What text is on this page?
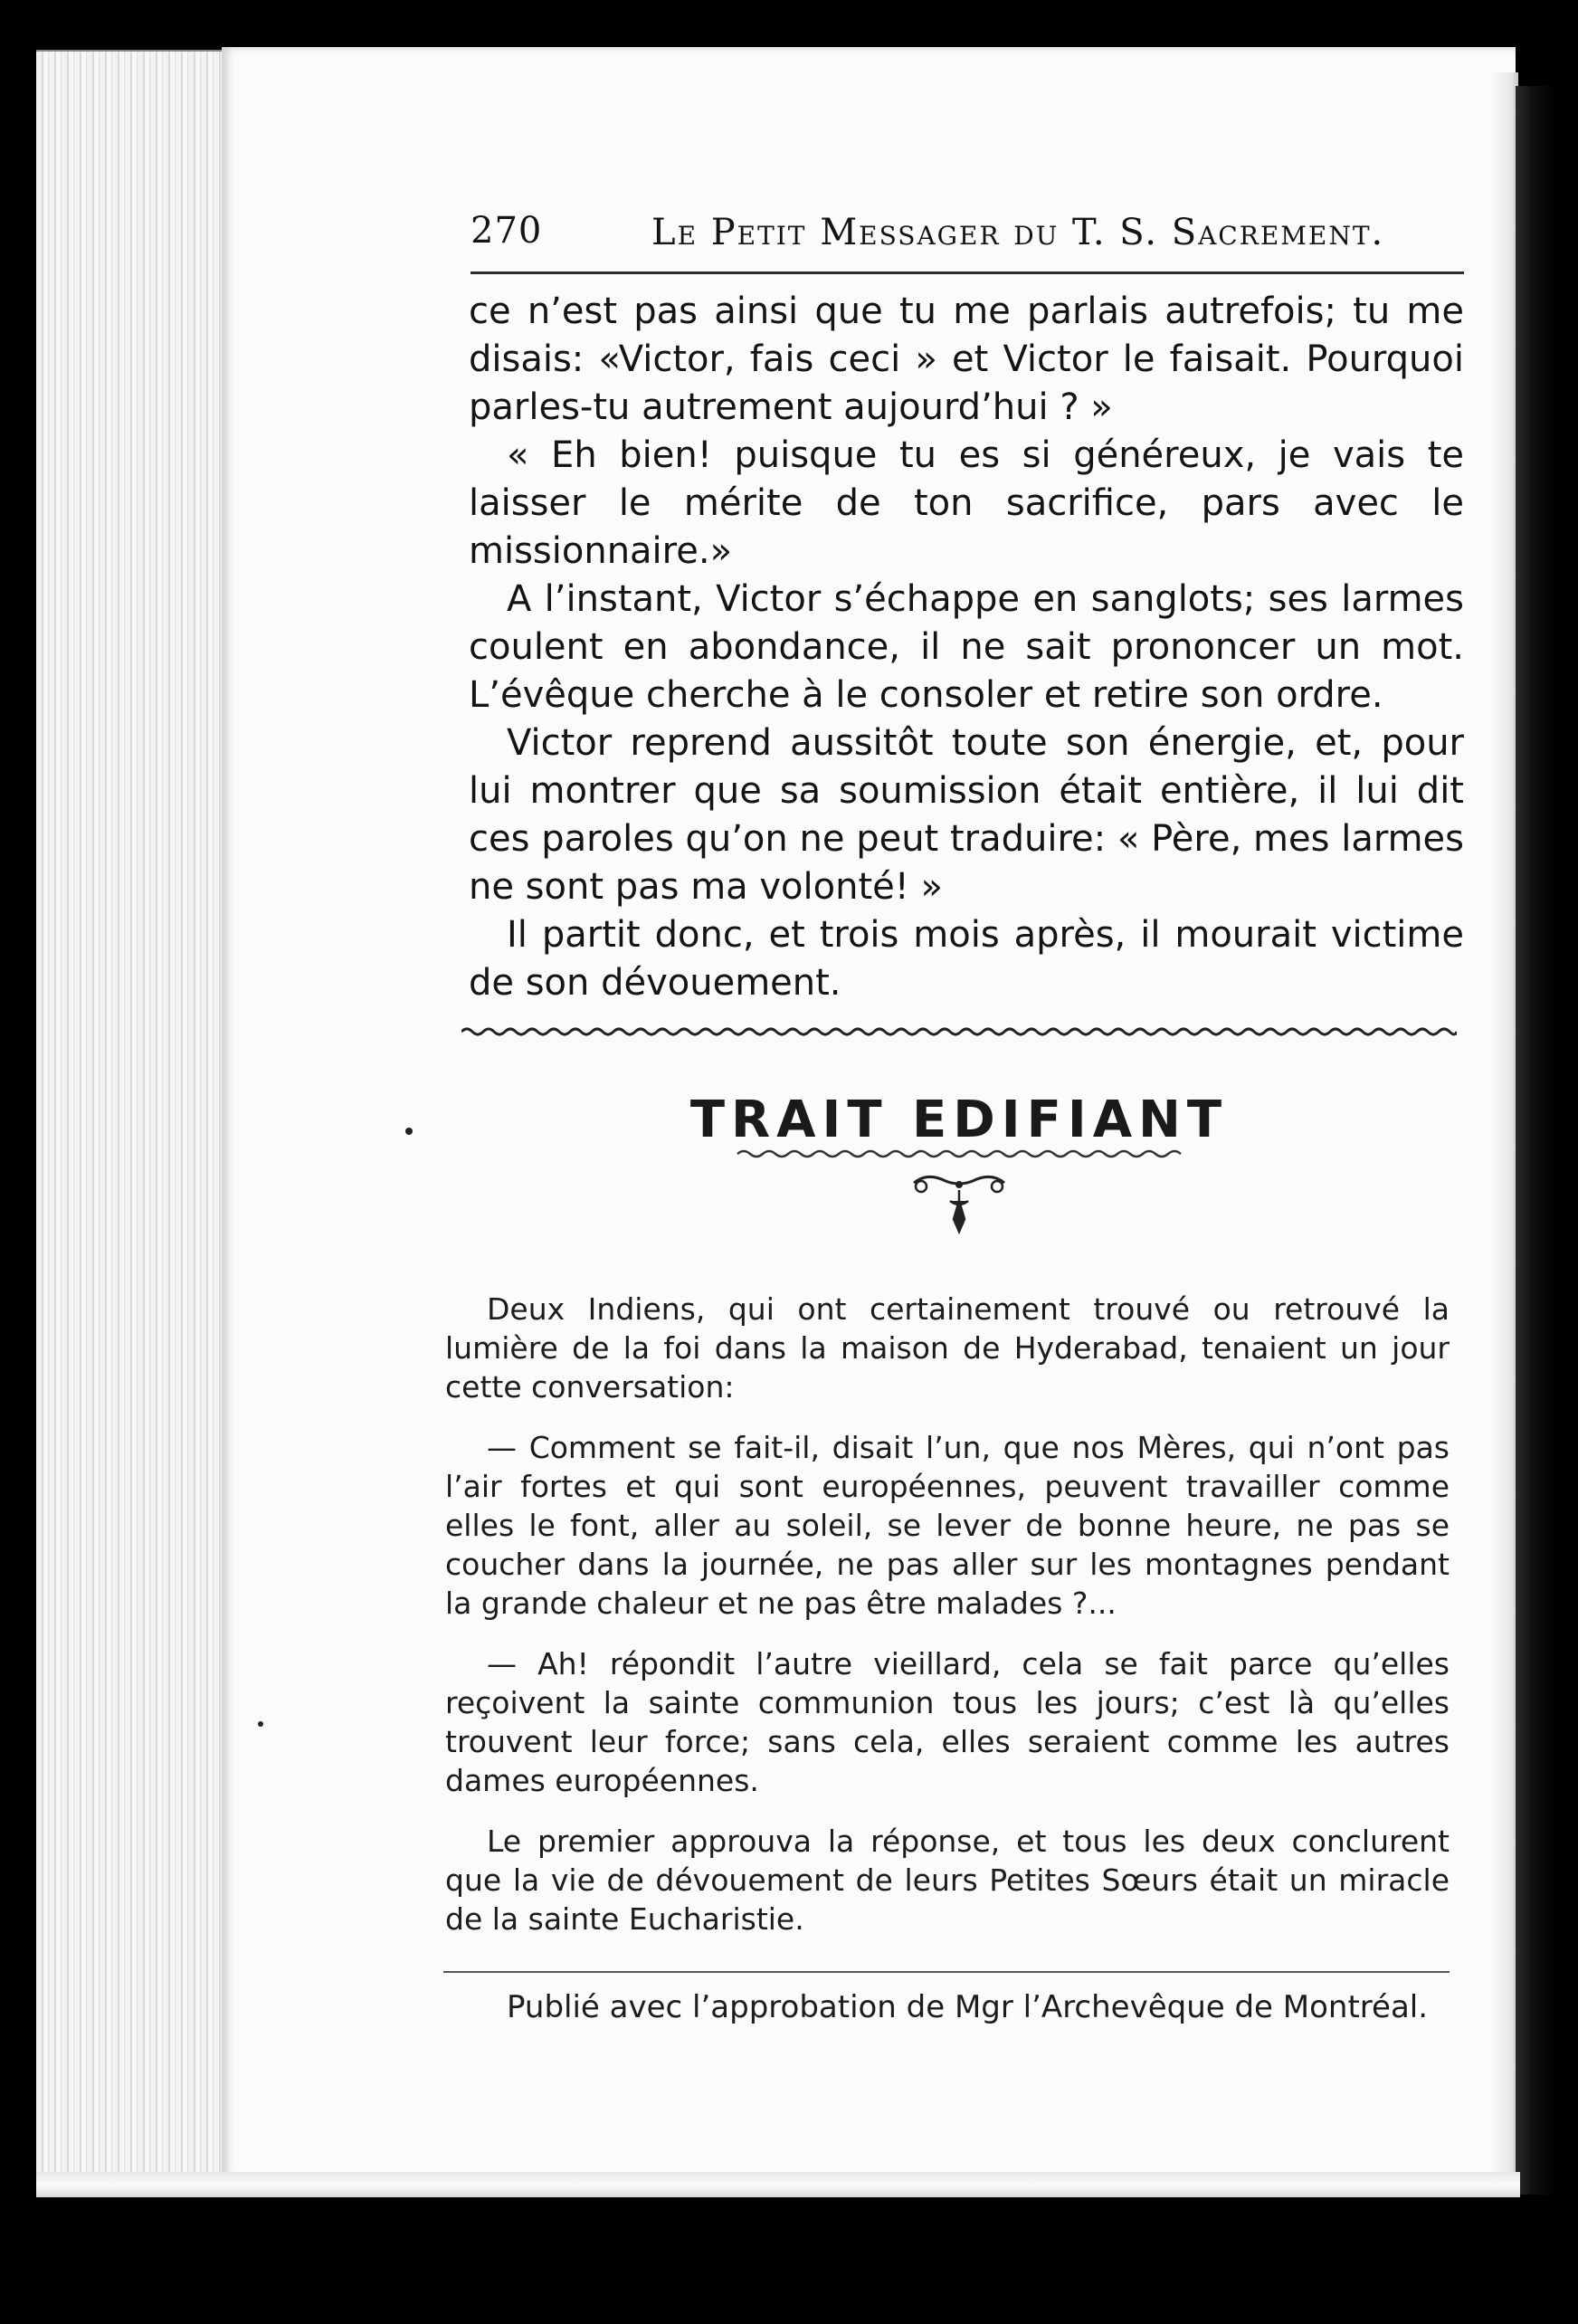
270	Le Petit Messager du T. S. Sacrement.

ce n’est pas ainsi que tu me parlais autrefois; tu me disais: «Victor, fais ceci » et Victor le faisait. Pourquoi parles-tu autrement aujourd’hui ? »

« Eh bien! puisque tu es si généreux, je vais te laisser le mérite de ton sacrifice, pars avec le missionnaire.»

A l’instant, Victor s’échappe en sanglots; ses larmes coulent en abondance, il ne sait prononcer un mot. L’évêque cherche à le consoler et retire son ordre.

Victor reprend aussitôt toute son énergie, et, pour lui montrer que sa soumission était entière, il lui dit ces paroles qu’on ne peut traduire: « Père, mes larmes ne sont pas ma volonté! »

Il partit donc, et trois mois après, il mourait victime de son dévouement.

TRAIT EDIFIANT

Deux Indiens, qui ont certainement trouvé ou retrouvé la lumière de la foi dans la maison de Hyderabad, tenaient un jour cette conversation:

— Comment se fait-il, disait l’un, que nos Mères, qui n’ont pas l’air fortes et qui sont européennes, peuvent travailler comme elles le font, aller au soleil, se lever de bonne heure, ne pas se coucher dans la journée, ne pas aller sur les montagnes pendant la grande chaleur et ne pas être malades ?...

— Ah! répondit l’autre vieillard, cela se fait parce qu’elles reçoivent la sainte communion tous les jours; c’est là qu’elles trouvent leur force; sans cela, elles seraient comme les autres dames européennes.

Le premier approuva la réponse, et tous les deux conclurent que la vie de dévouement de leurs Petites Sœurs était un miracle de la sainte Eucharistie.

Publié avec l’approbation de Mgr l’Archevêque de Montréal.
